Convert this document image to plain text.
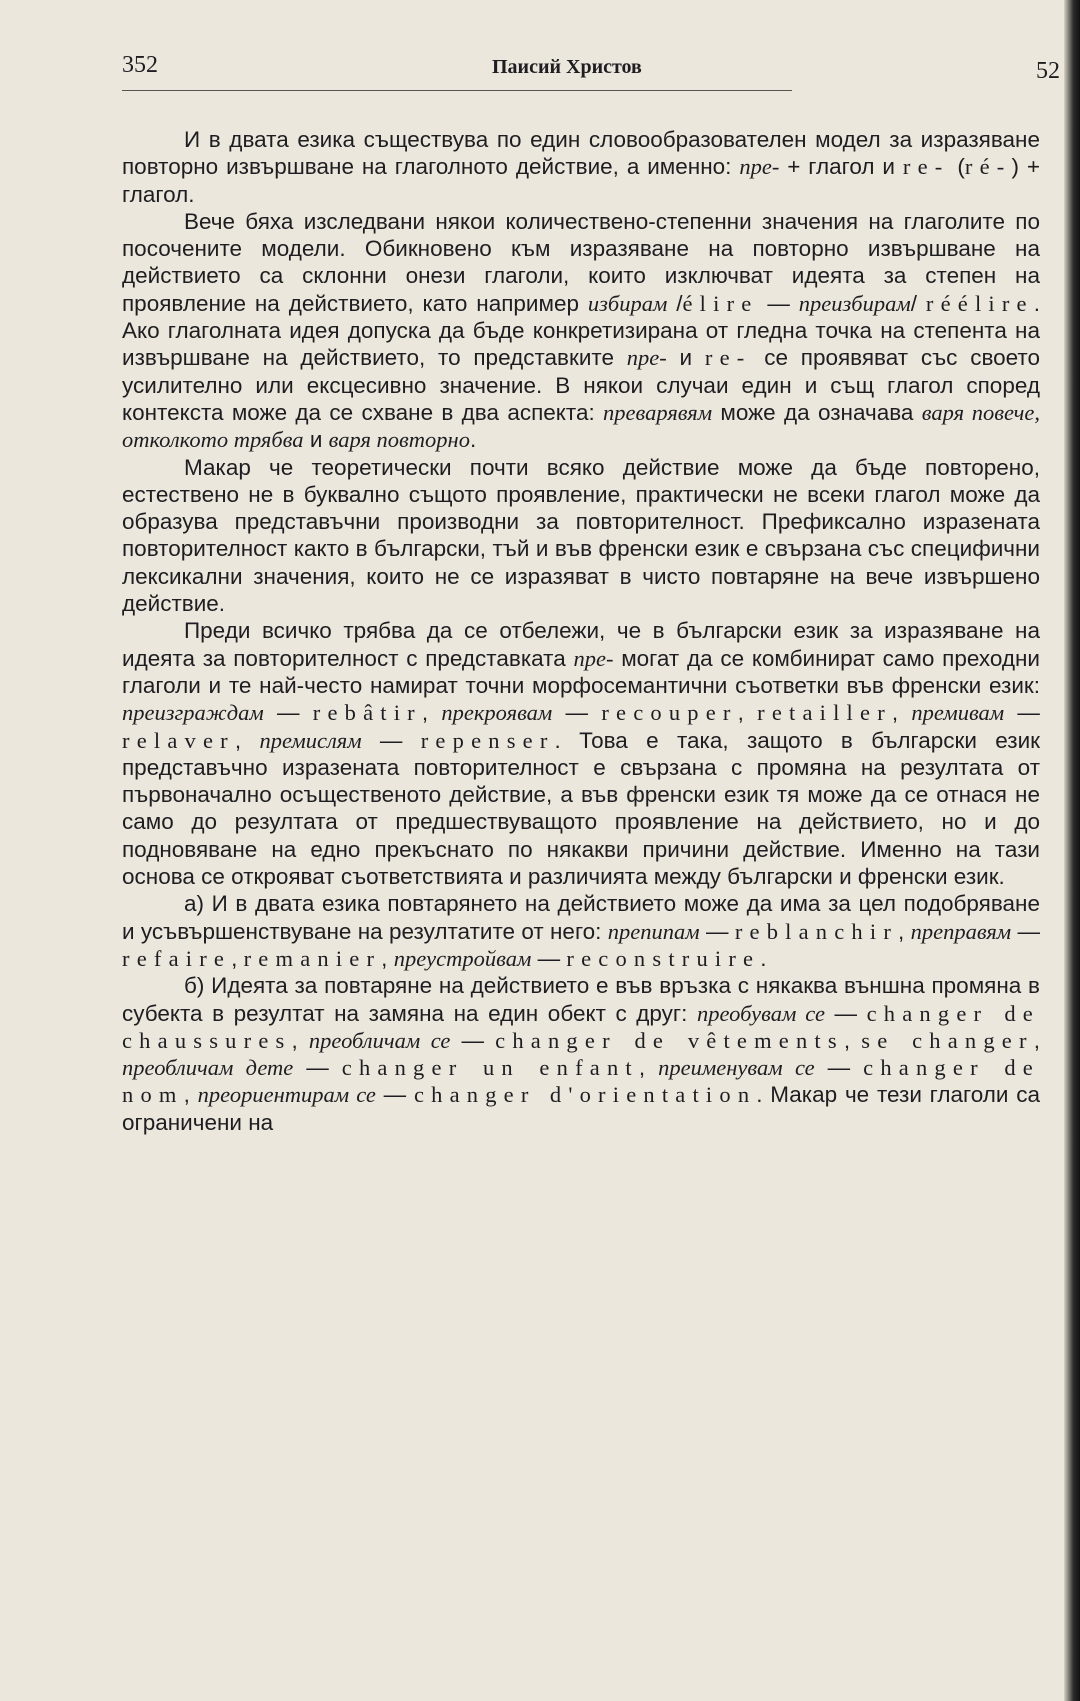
352	Паисий Христов	52

И в двата езика съществува по един словообразователен модел за изразяване повторно извършване на глаголното действие, а именно: пре- + глагол и re- (ré-) + глагол.

Вече бяха изследвани някои количествено-степенни значения на глаголите по посочените модели. Обикновено към изразяване на повторно извършване на действието са склонни онези глаголи, които изключват идеята за степен на проявление на действието, като например избирам /élire — преизбирам/ réélire. Ако глаголната идея допуска да бъде конкретизирана от гледна точка на степента на извършване на действието, то представките пре- и re- се проявяват със своето усилително или ексцесивно значение. В някои случаи един и същ глагол според контекста може да се схване в два аспекта: преварявям може да означава варя повече, отколкото трябва и варя повторно.

Макар че теоретически почти всяко действие може да бъде повторено, естествено не в буквално същото проявление, практически не всеки глагол може да образува представъчни производни за повторителност. Префиксално изразената повторителност както в български, тъй и във френски език е свързана със специфични лексикални значения, които не се изразяват в чисто повтаряне на вече извършено действие.

Преди всичко трябва да се отбележи, че в български език за изразяване на идеята за повторителност с представката пре- могат да се комбинират само преходни глаголи и те най-често намират точни морфосемантични съответки във френски език: преизграждам — rebâtir, прекроявам — recouper, retailler, премивам — relaver, премислям — repenser. Това е така, защото в български език представъчно изразената повторителност е свързана с промяна на резултата от първоначално осъщественото действие, а във френски език тя може да се отнася не само до резултата от предшествуващото проявление на действието, но и до подновяване на едно прекъснато по някакви причини действие. Именно на тази основа се открояват съответствията и различията между български и френски език.

а) И в двата езика повтарянето на действието може да има за цел подобряване и усъвършенствуване на резултатите от него: препипам — reblanchir, преправям — refaire, remanier, преустройвам — reconstruire.

б) Идеята за повтаряне на действието е във връзка с някаква външна промяна в субекта в резултат на замяна на един обект с друг: преобувам се — changer de chaussures, преобличам се — changer de vêtements, se changer, преобличам дете — changer un enfant, преименувам се — changer de nom, преориентирам се — changer d'orientation. Макар че тези глаголи са ограничени на
